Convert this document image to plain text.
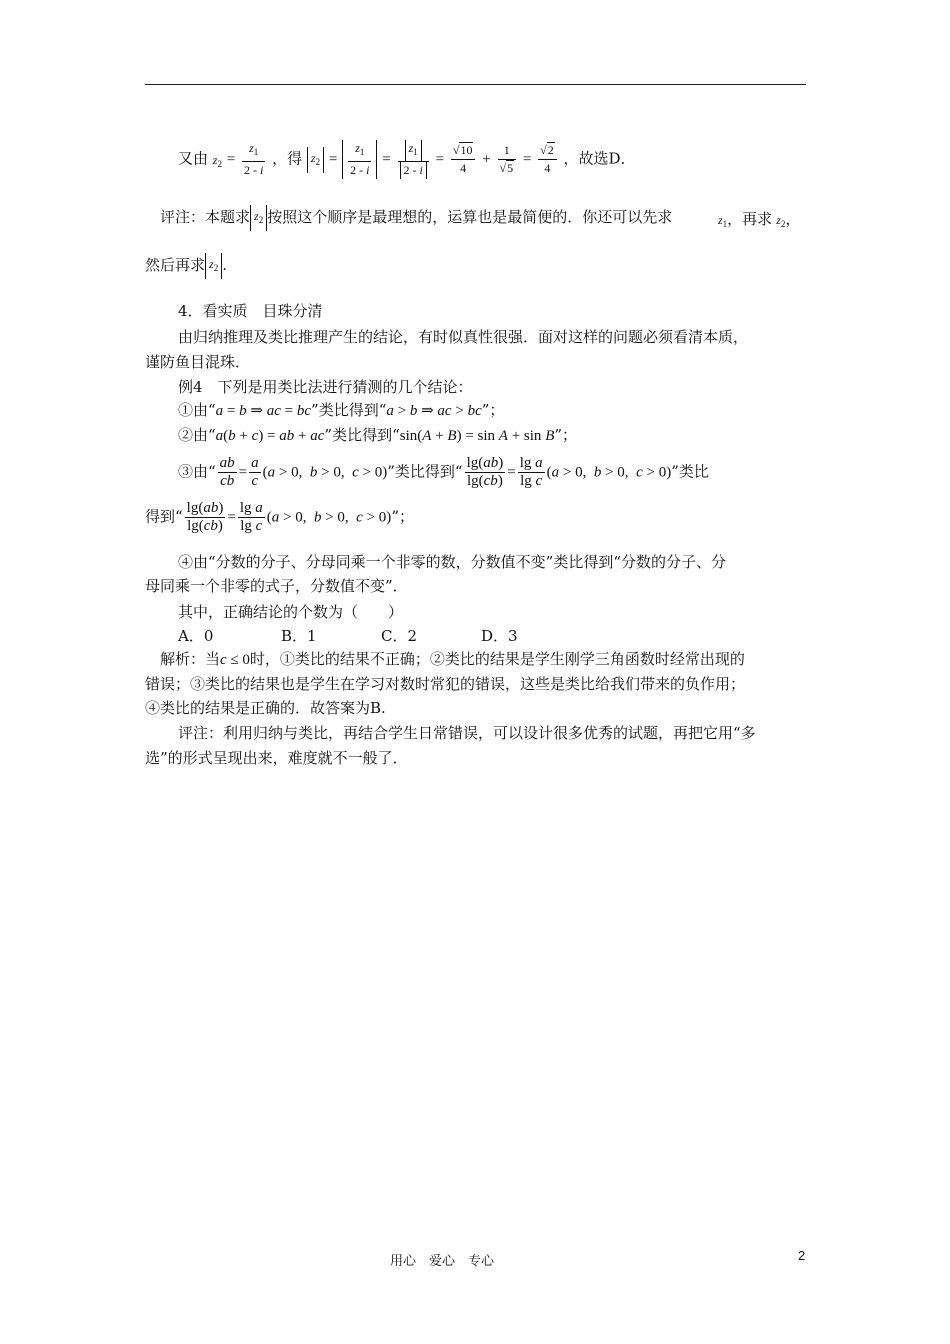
又由 $z_2 = \frac{z_1}{2 - i}$ ，得 $z_2 = \frac{z_1}{2 - i} = \frac{z_1}{2 - i} = \frac{√10}{4} + \frac{1}{√5} = \frac{√2}{4}$ ，故选D．
评注：本题求 $z_2$ 按照这个顺序是最理想的，运算也是最简便的．你还可以先求	$z_1$，再求 $z_2$，
然后再求 $z_2$ .
4．看实质　目珠分清
由归纳推理及类比推理产生的结论，有时似真性很强．面对这样的问题必须看清本质，
谨防鱼目混珠．
例4　下列是用类比法进行猜测的几个结论：
①由“a = b ⇒ ac = bc”类比得到“a > b ⇒ ac > bc”；
②由“a(b + c) = ab + ac”类比得到“sin(A + B) = sin A + sin B”；
③由“ $\frac{ab}{cb} = \frac{a}{c} (a > 0$,  b > 0,  c > 0)”类比得到“ $\frac{\lg(ab)}{\lg(cb)} = \frac{\text{lg a}}{\text{lg c}} (a > 0$,  b > 0,  c > 0)”类比
得到“ $\frac{\lg(ab)}{\lg(cb)} = \frac{\text{lg a}}{\text{lg c}} (a > 0$,  b > 0,  c > 0)”；
④由“分数的分子、分母同乘一个非零的数，分数值不变”类比得到“分数的分子、分
母同乘一个非零的式子，分数值不变”．
其中，正确结论的个数为（　　）
A．0	B．1	C．2	D．3
解析：当c ≤ 0时，①类比的结果不正确；②类比的结果是学生刚学三角函数时经常出现的
错误；③类比的结果也是学生在学习对数时常犯的错误，这些是类比给我们带来的负作用；
④类比的结果是正确的．故答案为B.
评注：利用归纳与类比，再结合学生日常错误，可以设计很多优秀的试题，再把它用“多
选”的形式呈现出来，难度就不一般了．
用心　爱心　专心	2
